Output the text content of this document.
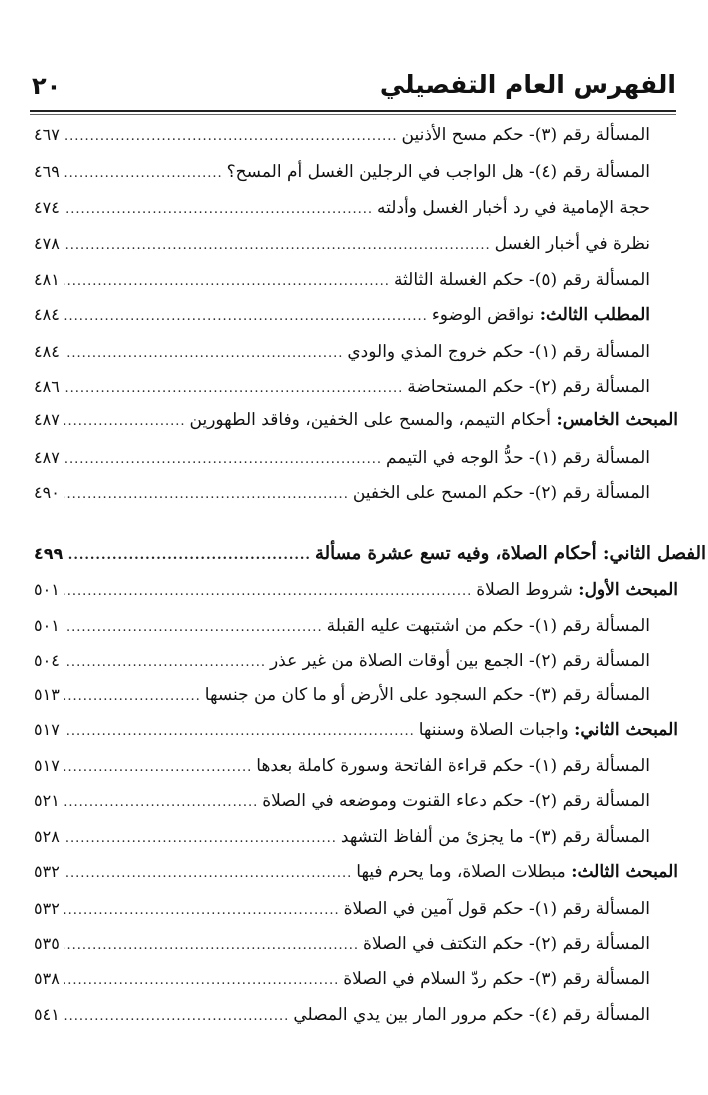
٢٠	الفهرس العام التفصيلي
المسألة رقم (٣)- حكم مسح الأذنين
.....
٤٦٧
المسألة رقم (٤)- هل الواجب في الرجلين الغسل أم المسح؟
.....
٤٦٩
حجة الإمامية في رد أخبار الغسل وأدلته
.....
٤٧٤
نظرة في أخبار الغسل
.....
٤٧٨
المسألة رقم (٥)- حكم الغسلة الثالثة
.....
٤٨١
المطلب الثالث: نواقض الوضوء
.....
٤٨٤
المسألة رقم (١)- حكم خروج المذي والودي
.....
٤٨٤
المسألة رقم (٢)- حكم المستحاضة
.....
٤٨٦
المبحث الخامس: أحكام التيمم، والمسح على الخفين، وفاقد الطهورين
.....
٤٨٧
المسألة رقم (١)- حدُّ الوجه في التيمم
.....
٤٨٧
المسألة رقم (٢)- حكم المسح على الخفين
.....
٤٩٠
الفصل الثاني: أحكام الصلاة، وفيه تسع عشرة مسألة
.....
٤٩٩
المبحث الأول: شروط الصلاة
.....
٥٠١
المسألة رقم (١)- حكم من اشتبهت عليه القبلة
.....
٥٠١
المسألة رقم (٢)- الجمع بين أوقات الصلاة من غير عذر
.....
٥٠٤
المسألة رقم (٣)- حكم السجود على الأرض أو ما كان من جنسها
.....
٥١٣
المبحث الثاني: واجبات الصلاة وسننها
.....
٥١٧
المسألة رقم (١)- حكم قراءة الفاتحة وسورة كاملة بعدها
.....
٥١٧
المسألة رقم (٢)- حكم دعاء القنوت وموضعه في الصلاة
.....
٥٢١
المسألة رقم (٣)- ما يجزئ من ألفاظ التشهد
.....
٥٢٨
المبحث الثالث: مبطلات الصلاة، وما يحرم فيها
.....
٥٣٢
المسألة رقم (١)- حكم قول آمين في الصلاة
.....
٥٣٢
المسألة رقم (٢)- حكم التكتف في الصلاة
.....
٥٣٥
المسألة رقم (٣)- حكم ردّ السلام في الصلاة
.....
٥٣٨
المسألة رقم (٤)- حكم مرور المار بين يدي المصلي
.....
٥٤١
